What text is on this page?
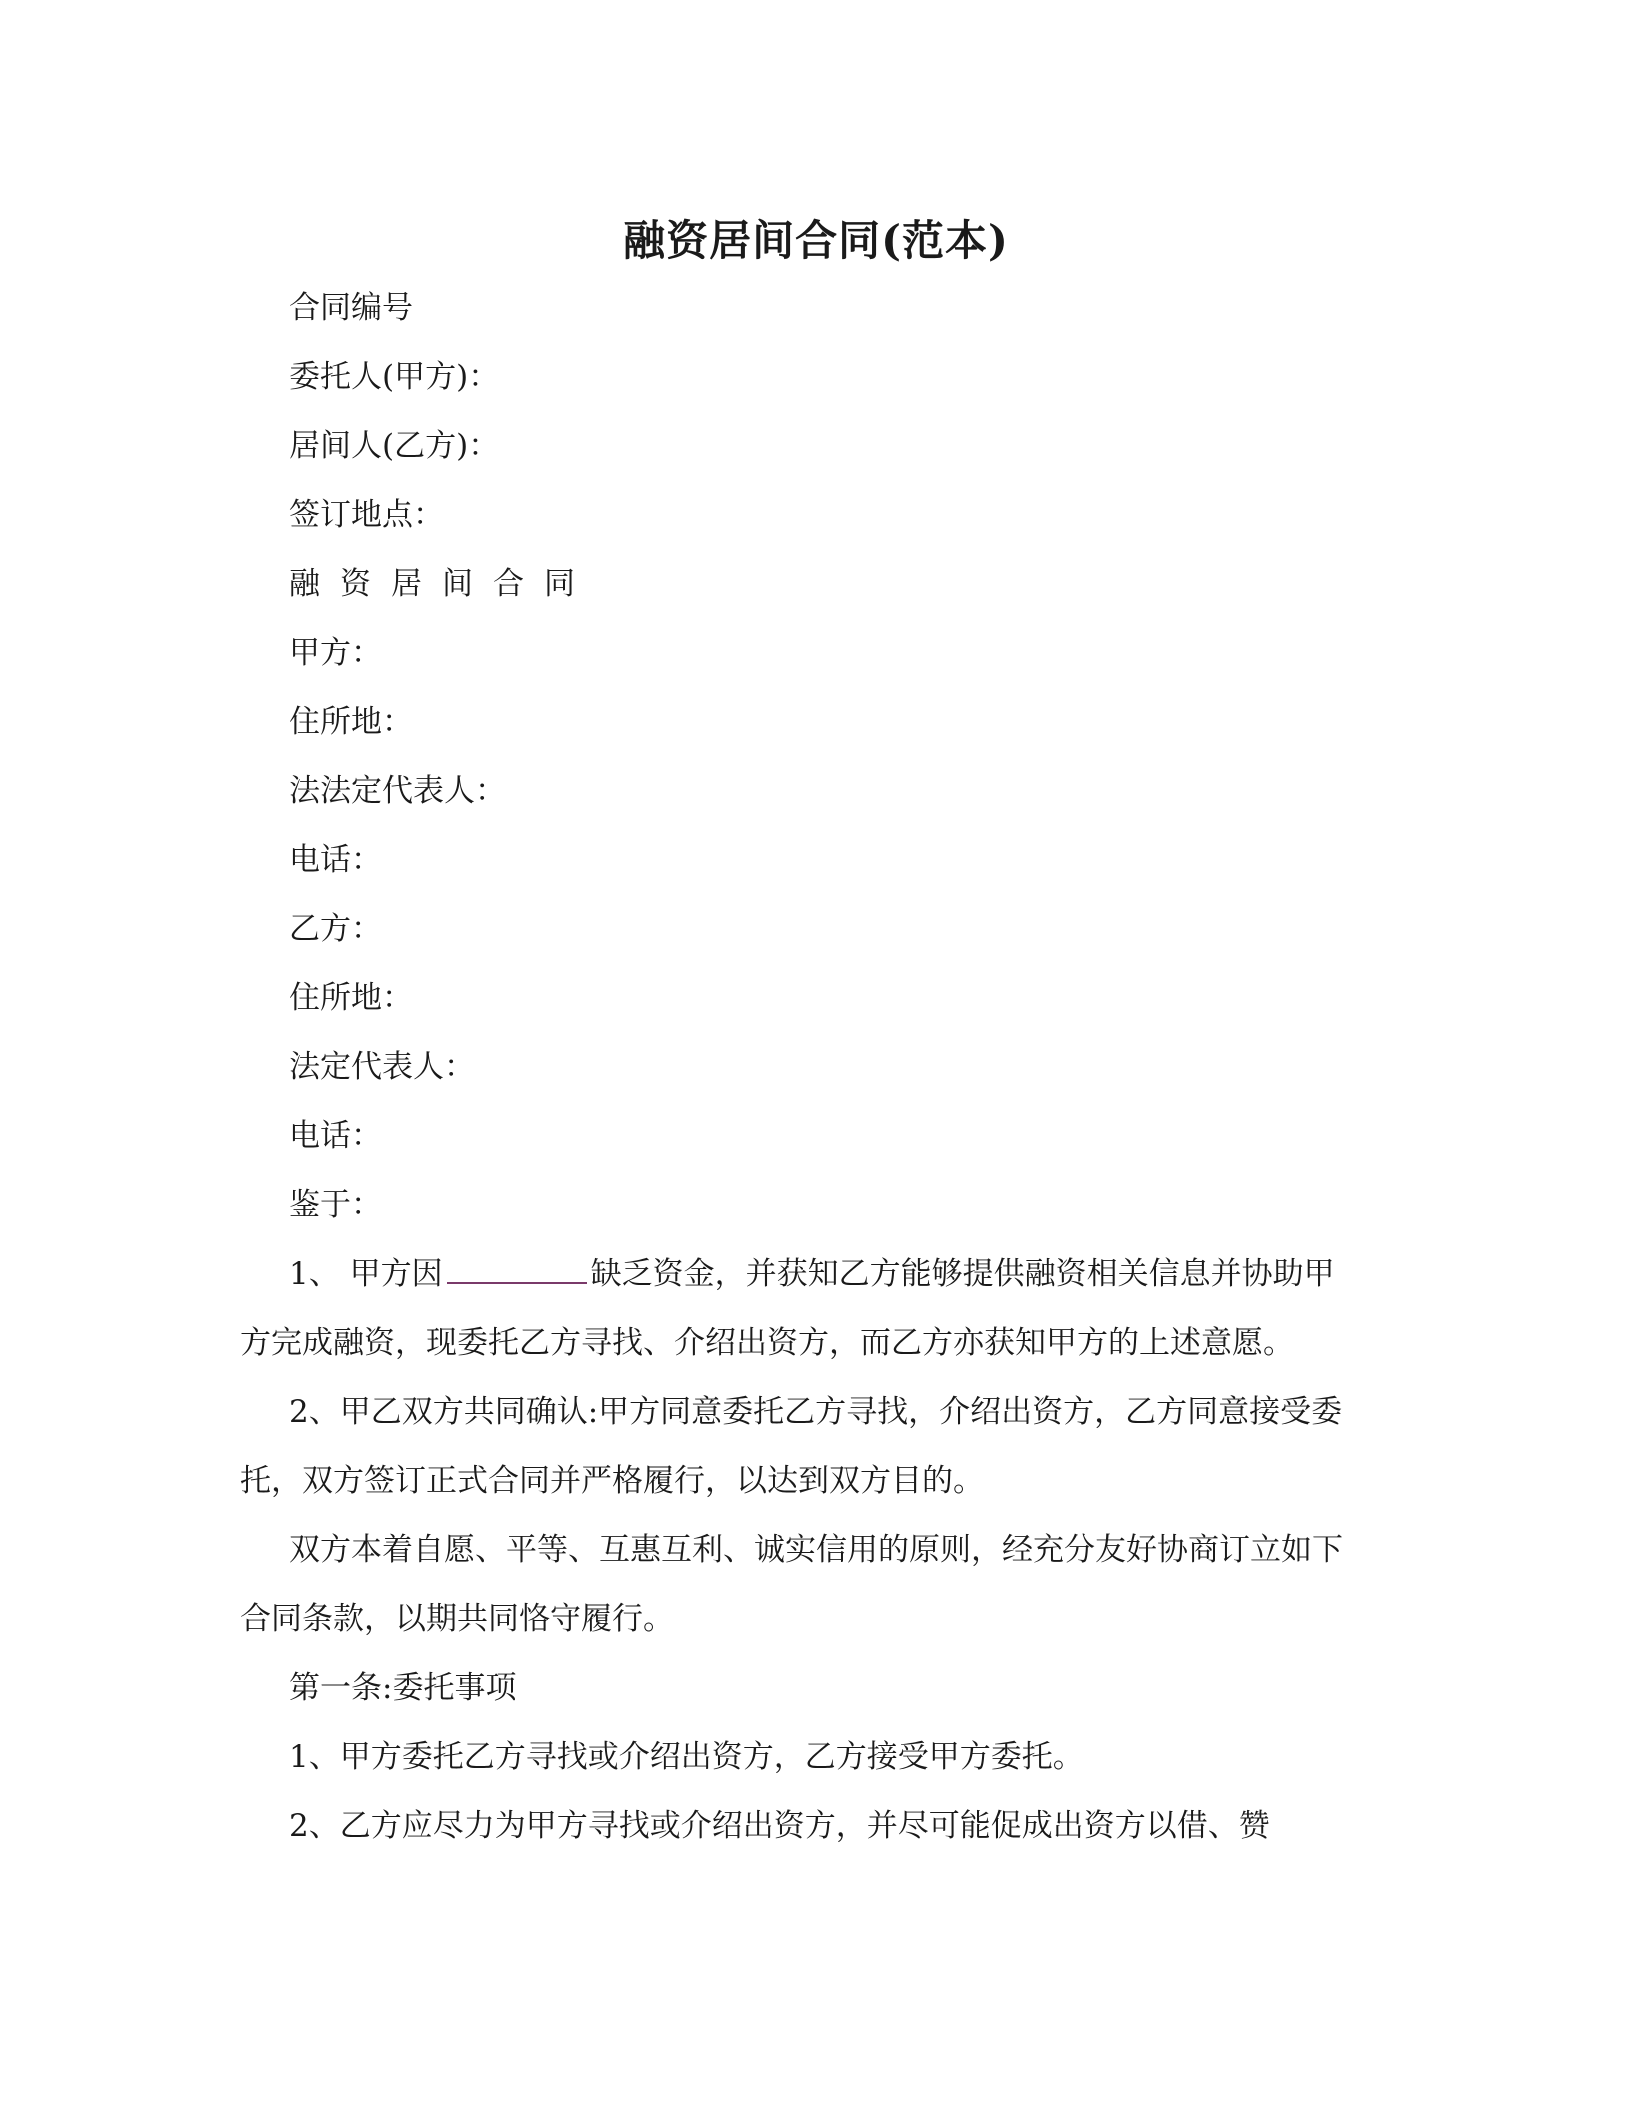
融资居间合同(范本)
合同编号
委托人(甲方)：
居间人(乙方)：
签订地点：
融资居间合同
甲方：
住所地：
法法定代表人：
电话：
乙方：
住所地：
法定代表人：
电话：
鉴于：
1、 甲方因	缺乏资金，并获知乙方能够提供融资相关信息并协助甲
方完成融资，现委托乙方寻找、介绍出资方，而乙方亦获知甲方的上述意愿。
2、甲乙双方共同确认:甲方同意委托乙方寻找，介绍出资方，乙方同意接受委
托，双方签订正式合同并严格履行，以达到双方目的。
双方本着自愿、平等、互惠互利、诚实信用的原则，经充分友好协商订立如下
合同条款，以期共同恪守履行。
第一条:委托事项
1、甲方委托乙方寻找或介绍出资方，乙方接受甲方委托。
2、乙方应尽力为甲方寻找或介绍出资方，并尽可能促成出资方以借、赞
